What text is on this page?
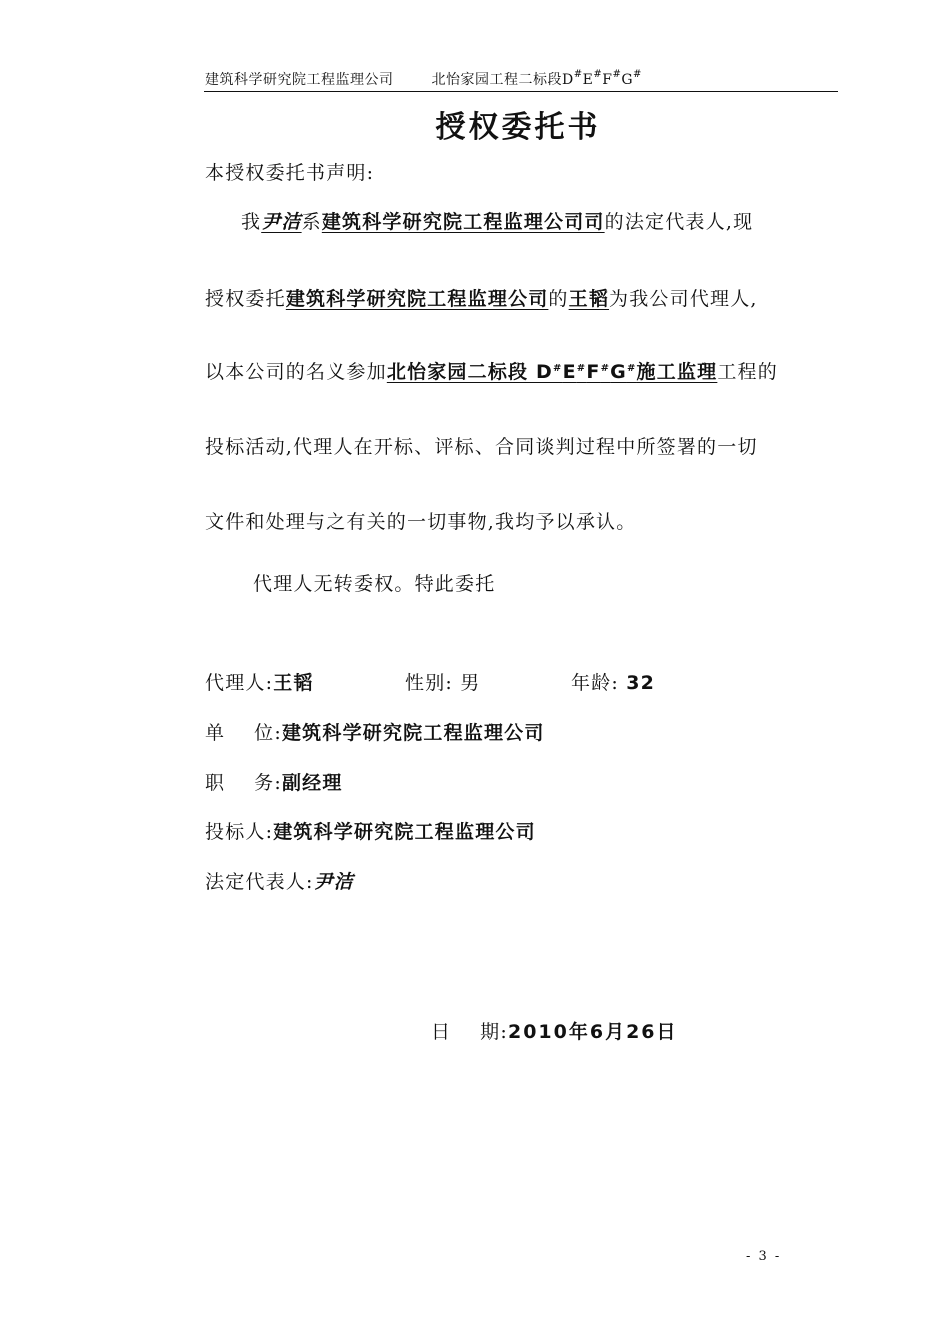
建筑科学研究院工程监理公司	北怡家园工程二标段D#E#F#G#
授权委托书
本授权委托书声明:
我尹洁系建筑科学研究院工程监理公司司的法定代表人,现
授权委托建筑科学研究院工程监理公司的王韬为我公司代理人,
以本公司的名义参加北怡家园二标段 D#E#F#G#施工监理工程的
投标活动,代理人在开标、评标、合同谈判过程中所签署的一切
文件和处理与之有关的一切事物,我均予以承认。
代理人无转委权。特此委托
代理人:王韬	性别: 男	年龄: 32
单    位:建筑科学研究院工程监理公司
职    务:副经理
投标人:建筑科学研究院工程监理公司
法定代表人:尹洁
日    期:2010年6月26日
- 3 -
